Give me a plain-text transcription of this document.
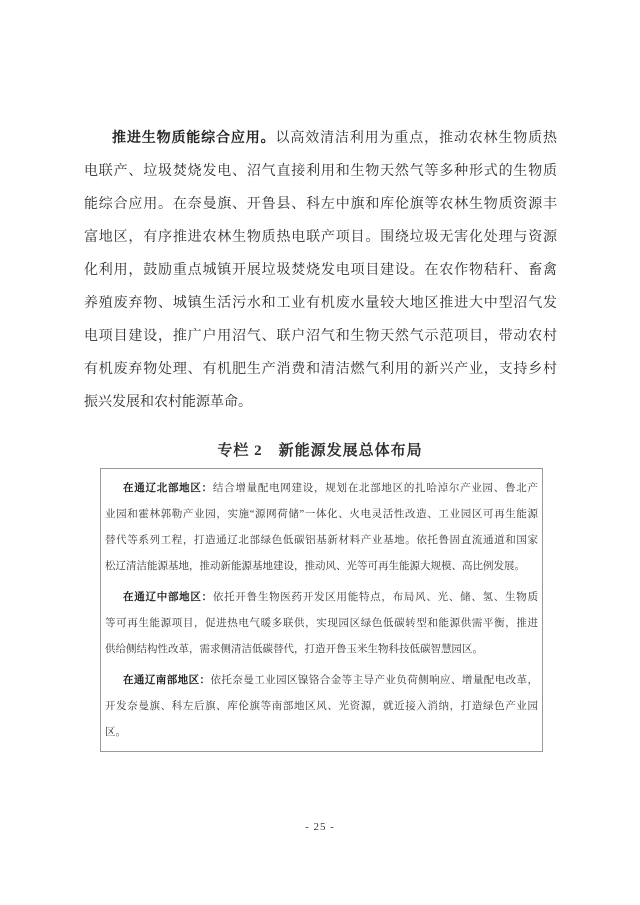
推进生物质能综合应用。以高效清洁利用为重点，推动农林生物质热
电联产、垃圾焚烧发电、沼气直接利用和生物天然气等多种形式的生物质
能综合应用。在奈曼旗、开鲁县、科左中旗和库伦旗等农林生物质资源丰
富地区，有序推进农林生物质热电联产项目。围绕垃圾无害化处理与资源
化利用，鼓励重点城镇开展垃圾焚烧发电项目建设。在农作物秸秆、畜禽
养殖废弃物、城镇生活污水和工业有机废水量较大地区推进大中型沼气发
电项目建设，推广户用沼气、联户沼气和生物天然气示范项目，带动农村
有机废弃物处理、有机肥生产消费和清洁燃气利用的新兴产业，支持乡村
振兴发展和农村能源革命。
专栏 2　新能源发展总体布局
在通辽北部地区：结合增量配电网建设，规划在北部地区的扎哈淖尔产业园、鲁北产
业园和霍林郭勒产业园，实施“源网荷储”一体化、火电灵活性改造、工业园区可再生能源
替代等系列工程，打造通辽北部绿色低碳铝基新材料产业基地。依托鲁固直流通道和国家
松辽清洁能源基地，推动新能源基地建设，推动风、光等可再生能源大规模、高比例发展。
在通辽中部地区：依托开鲁生物医药开发区用能特点，布局风、光、储、氢、生物质
等可再生能源项目，促进热电气暖多联供，实现园区绿色低碳转型和能源供需平衡，推进
供给侧结构性改革，需求侧清洁低碳替代，打造开鲁玉米生物科技低碳智慧园区。
在通辽南部地区：依托奈曼工业园区镍铬合金等主导产业负荷侧响应、增量配电改革，
开发奈曼旗、科左后旗、库伦旗等南部地区风、光资源，就近接入消纳，打造绿色产业园
区。
- 25 -
